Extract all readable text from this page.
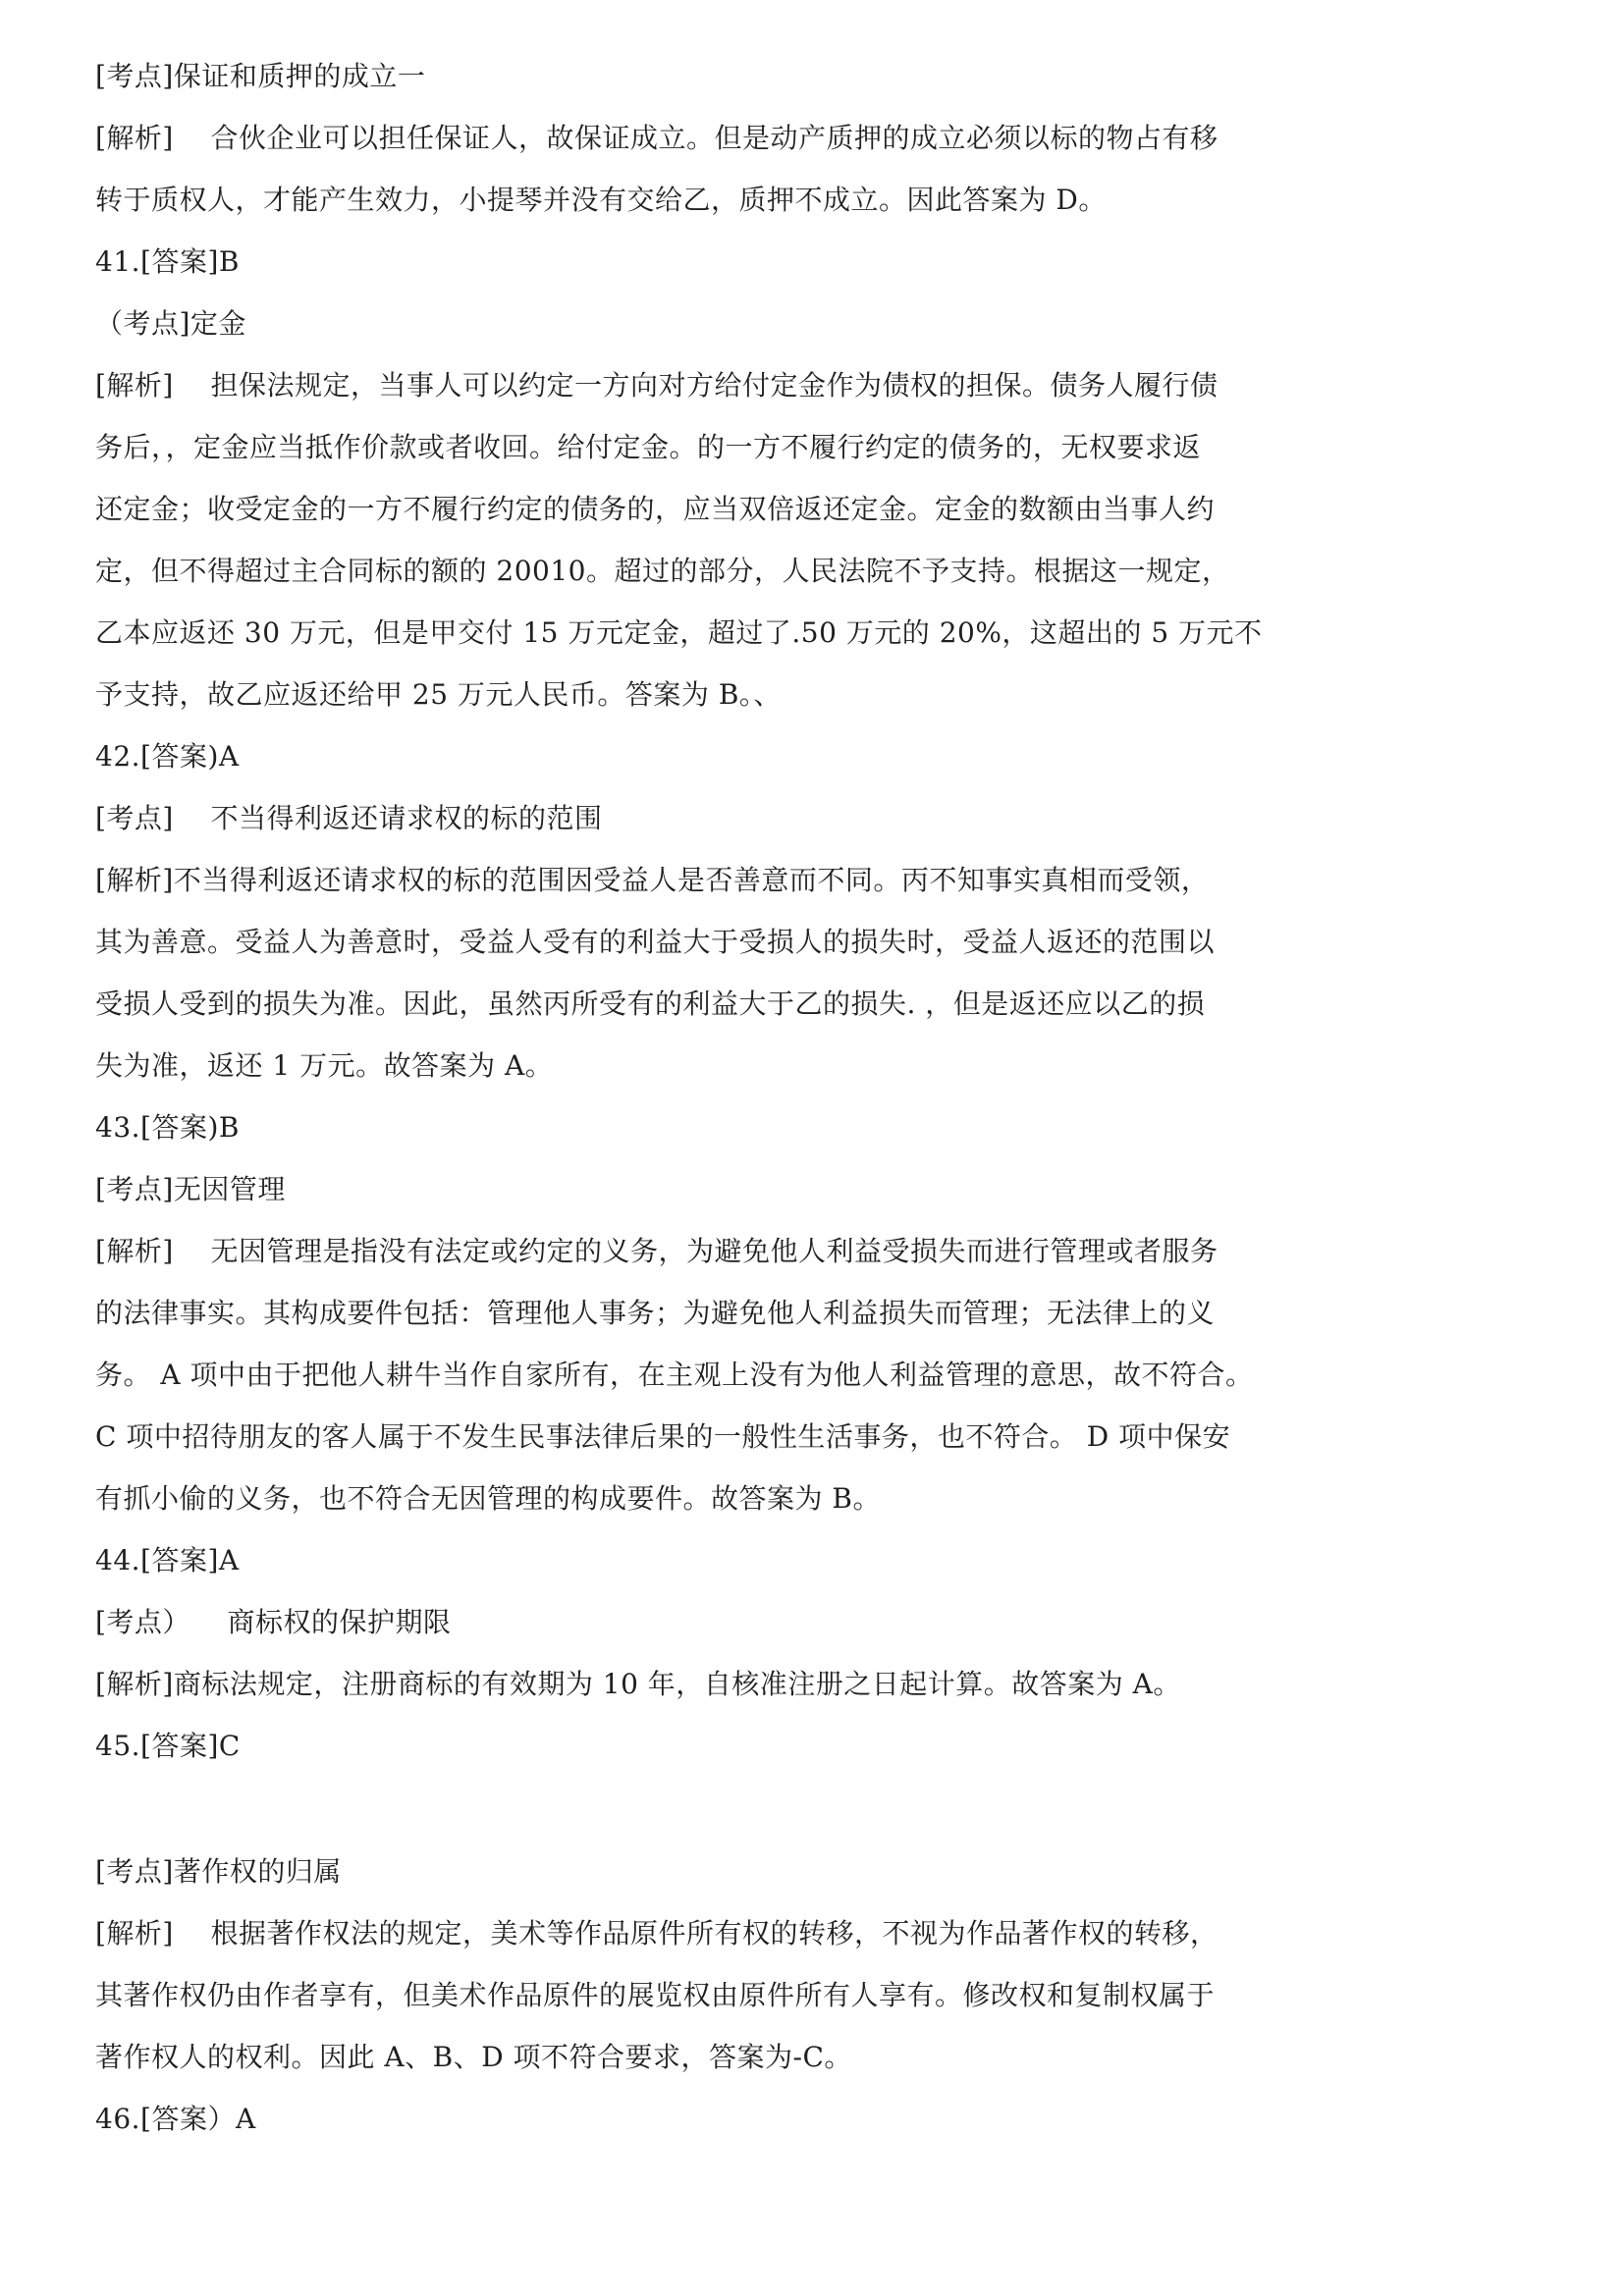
[考点]保证和质押的成立一
[解析]    合伙企业可以担任保证人，故保证成立。但是动产质押的成立必须以标的物占有移
转于质权人，才能产生效力，小提琴并没有交给乙，质押不成立。因此答案为 D。
41.[答案]B
（考点]定金
[解析]    担保法规定，当事人可以约定一方向对方给付定金作为债权的担保。债务人履行债
务后，，定金应当抵作价款或者收回。给付定金。的一方不履行约定的债务的，无权要求返
还定金；收受定金的一方不履行约定的债务的，应当双倍返还定金。定金的数额由当事人约
定，但不得超过主合同标的额的 20010。超过的部分，人民法院不予支持。根据这一规定，
乙本应返还 30 万元，但是甲交付 15 万元定金，超过了.50 万元的 20%，这超出的 5 万元不
予支持，故乙应返还给甲 25 万元人民币。答案为 B。、
42.[答案)A
[考点]    不当得利返还请求权的标的范围
[解析]不当得利返还请求权的标的范围因受益人是否善意而不同。丙不知事实真相而受领，
其为善意。受益人为善意时，受益人受有的利益大于受损人的损失时，受益人返还的范围以
受损人受到的损失为准。因此，虽然丙所受有的利益大于乙的损失. ，但是返还应以乙的损
失为准，返还 1 万元。故答案为 A。
43.[答案)B
[考点]无因管理
[解析]    无因管理是指没有法定或约定的义务，为避免他人利益受损失而进行管理或者服务
的法律事实。其构成要件包括：管理他人事务；为避免他人利益损失而管理；无法律上的义
务。 A 项中由于把他人耕牛当作自家所有，在主观上没有为他人利益管理的意思，故不符合。
C 项中招待朋友的客人属于不发生民事法律后果的一般性生活事务，也不符合。 D 项中保安
有抓小偷的义务，也不符合无因管理的构成要件。故答案为 B。
44.[答案]A
[考点）    商标权的保护期限
[解析]商标法规定，注册商标的有效期为 10 年，自核准注册之日起计算。故答案为 A。
45.[答案]C
[考点]著作权的归属
[解析]    根据著作权法的规定，美术等作品原件所有权的转移，不视为作品著作权的转移，
其著作权仍由作者享有，但美术作品原件的展览权由原件所有人享有。修改权和复制权属于
著作权人的权利。因此 A、B、D 项不符合要求，答案为-C。
46.[答案）A
